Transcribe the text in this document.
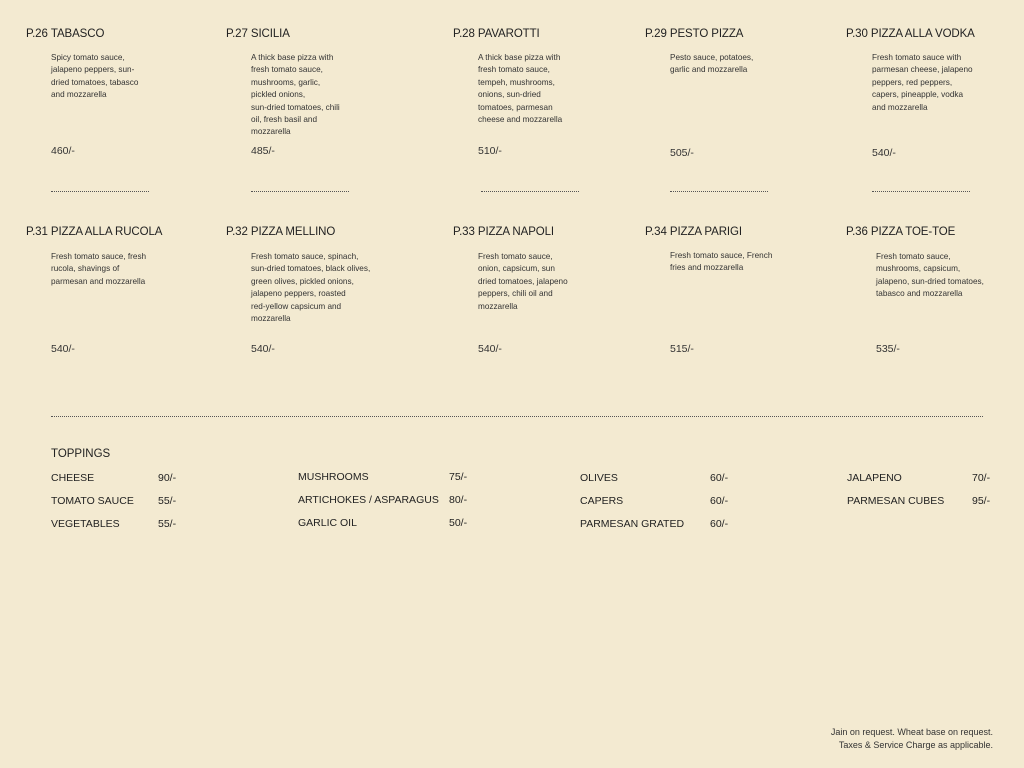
P.26 TABASCO
Spicy tomato sauce,
jalapeno peppers, sun-
dried tomatoes, tabasco
and mozzarella
460/-
P.27 SICILIA
A thick base pizza with
fresh tomato sauce,
mushrooms, garlic,
pickled onions,
sun-dried tomatoes, chili
oil, fresh basil and
mozzarella
485/-
P.28 PAVAROTTI
A thick base pizza with
fresh tomato sauce,
tempeh, mushrooms,
onions, sun-dried
tomatoes, parmesan
cheese and mozzarella
510/-
P.29 PESTO PIZZA
Pesto sauce, potatoes,
garlic and mozzarella
505/-
P.30 PIZZA ALLA VODKA
Fresh tomato sauce with
parmesan cheese, jalapeno
peppers, red peppers,
capers, pineapple, vodka
and mozzarella
540/-
P.31 PIZZA ALLA RUCOLA
Fresh tomato sauce, fresh
rucola, shavings of
parmesan and mozzarella
540/-
P.32 PIZZA MELLINO
Fresh tomato sauce, spinach,
sun-dried tomatoes, black olives,
green olives, pickled onions,
jalapeno peppers, roasted
red-yellow capsicum and
mozzarella
540/-
P.33 PIZZA NAPOLI
Fresh tomato sauce,
onion, capsicum, sun
dried tomatoes, jalapeno
peppers, chili oil and
mozzarella
540/-
P.34 PIZZA PARIGI
Fresh tomato sauce, French
fries and mozzarella
515/-
P.36 PIZZA TOE-TOE
Fresh tomato sauce,
mushrooms, capsicum,
jalapeno, sun-dried tomatoes,
tabasco and mozzarella
535/-
TOPPINGS
CHEESE	90/-
TOMATO SAUCE 55/-
VEGETABLES	55/-
MUSHROOMS	75/-
ARTICHOKES / ASPARAGUS 80/-
GARLIC OIL	50/-
OLIVES	60/-
CAPERS	60/-
PARMESAN GRATED 60/-
JALAPENO	70/-
PARMESAN CUBES	95/-
Jain on request. Wheat base on request.
Taxes & Service Charge as applicable.
